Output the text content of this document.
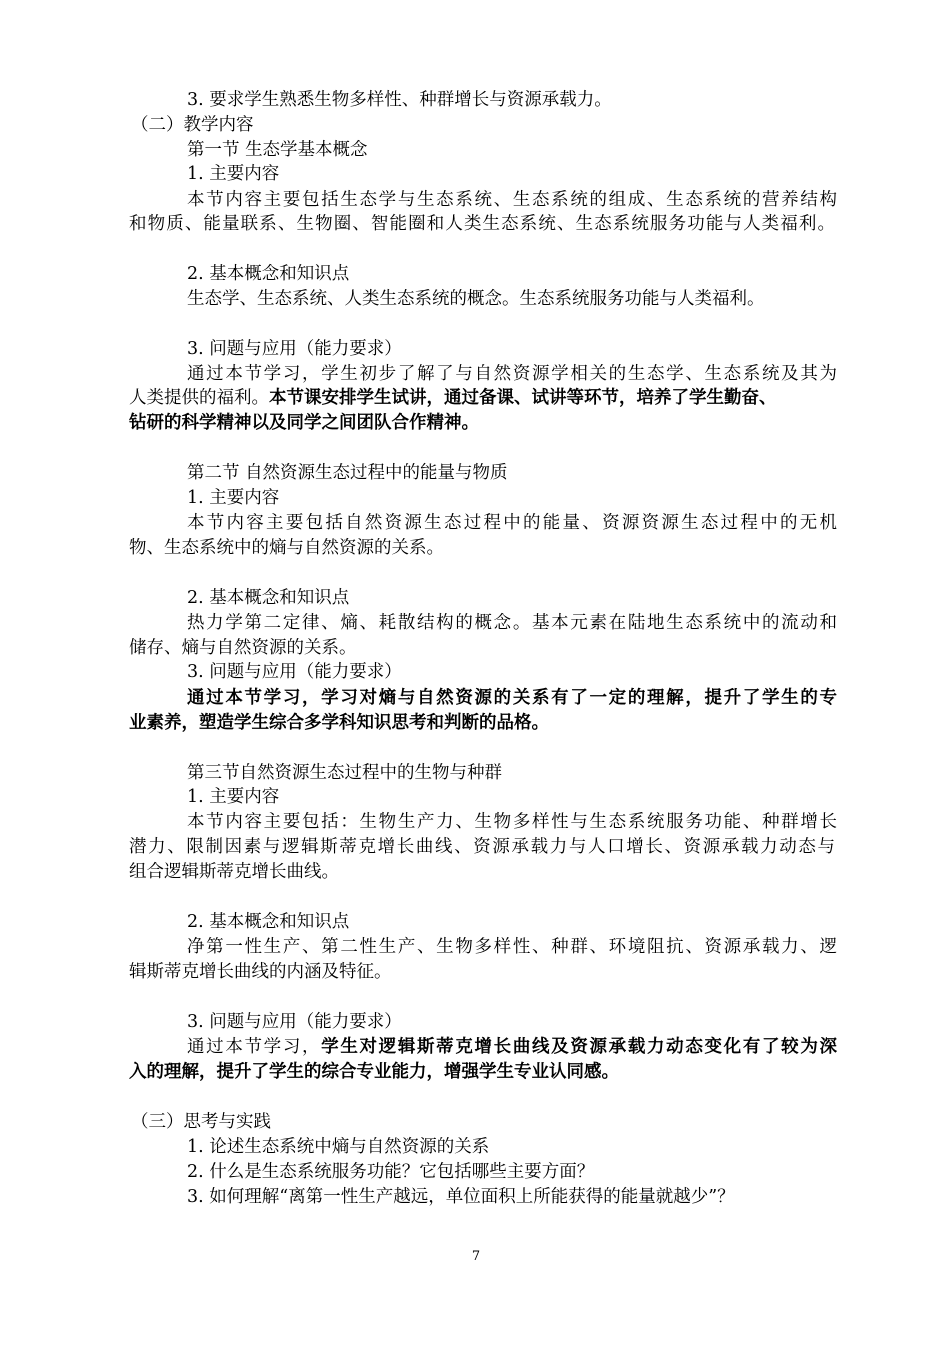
3. 要求学生熟悉生物多样性、种群增长与资源承载力。
（二）教学内容
第一节 生态学基本概念
1. 主要内容
本节内容主要包括生态学与生态系统、生态系统的组成、生态系统的营养结构
和物质、能量联系、生物圈、智能圈和人类生态系统、生态系统服务功能与人类福利。
2. 基本概念和知识点
生态学、生态系统、人类生态系统的概念。生态系统服务功能与人类福利。
3. 问题与应用（能力要求）
通过本节学习，学生初步了解了与自然资源学相关的生态学、生态系统及其为
人类提供的福利。本节课安排学生试讲，通过备课、试讲等环节，培养了学生勤奋、
钻研的科学精神以及同学之间团队合作精神。
第二节 自然资源生态过程中的能量与物质
1. 主要内容
本节内容主要包括自然资源生态过程中的能量、资源资源生态过程中的无机
物、生态系统中的熵与自然资源的关系。
2. 基本概念和知识点
热力学第二定律、熵、耗散结构的概念。基本元素在陆地生态系统中的流动和
储存、熵与自然资源的关系。
3. 问题与应用（能力要求）
通过本节学习，学习对熵与自然资源的关系有了一定的理解，提升了学生的专
业素养，塑造学生综合多学科知识思考和判断的品格。
第三节自然资源生态过程中的生物与种群
1. 主要内容
本节内容主要包括：生物生产力、生物多样性与生态系统服务功能、种群增长
潜力、限制因素与逻辑斯蒂克增长曲线、资源承载力与人口增长、资源承载力动态与
组合逻辑斯蒂克增长曲线。
2. 基本概念和知识点
净第一性生产、第二性生产、生物多样性、种群、环境阻抗、资源承载力、逻
辑斯蒂克增长曲线的内涵及特征。
3. 问题与应用（能力要求）
通过本节学习，学生对逻辑斯蒂克增长曲线及资源承载力动态变化有了较为深
入的理解，提升了学生的综合专业能力，增强学生专业认同感。
（三）思考与实践
1. 论述生态系统中熵与自然资源的关系
2. 什么是生态系统服务功能？它包括哪些主要方面？
3. 如何理解“离第一性生产越远，单位面积上所能获得的能量就越少”？
7
